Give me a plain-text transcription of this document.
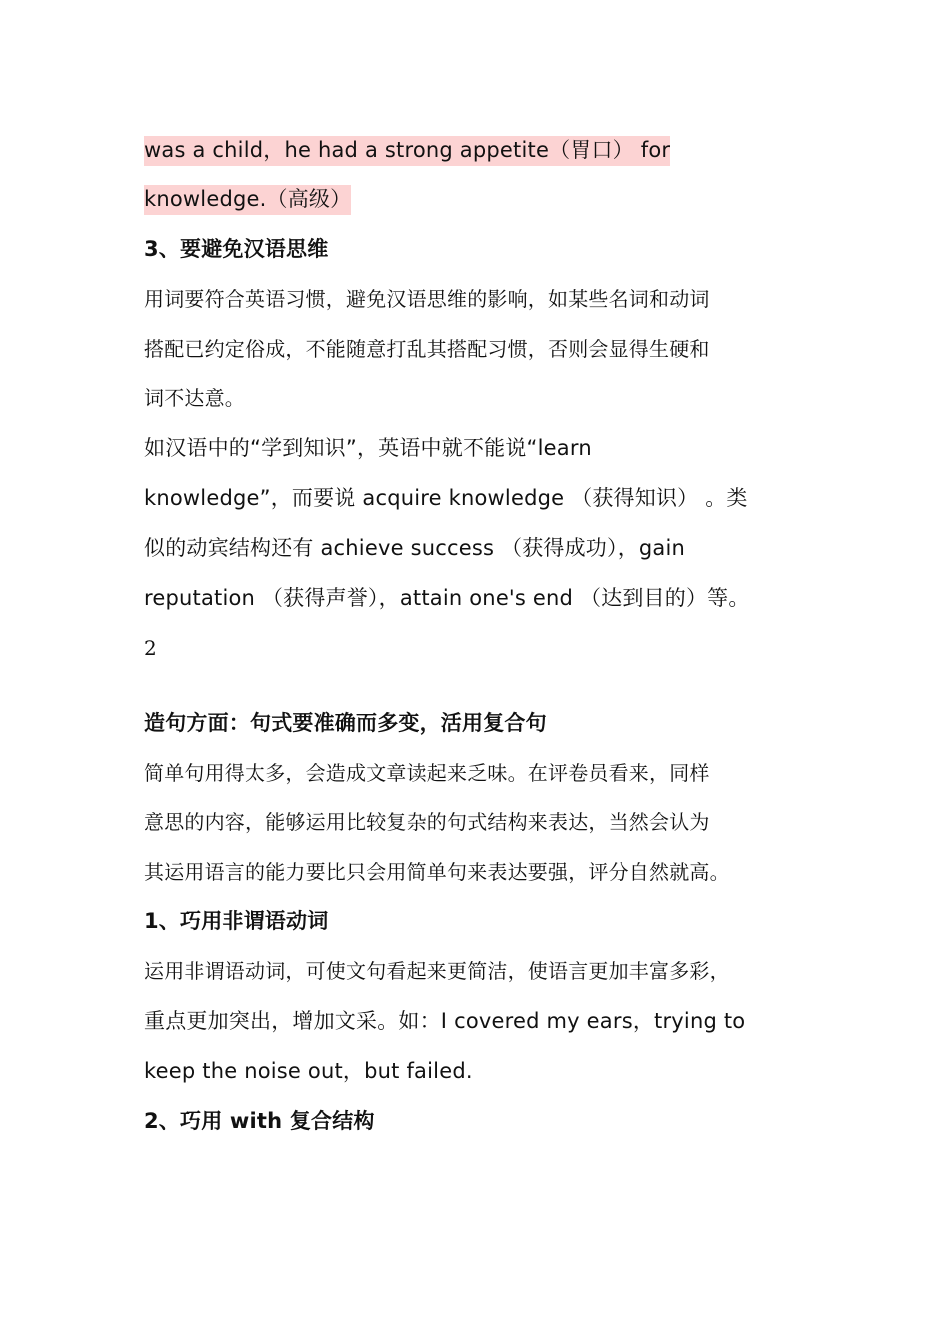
was a child，he had a strong appetite（胃口） for
knowledge.（高级）
3、要避免汉语思维
用词要符合英语习惯，避免汉语思维的影响，如某些名词和动词
搭配已约定俗成，不能随意打乱其搭配习惯，否则会显得生硬和
词不达意。
如汉语中的“学到知识”，英语中就不能说“learn
knowledge”，而要说 acquire knowledge （获得知识） 。类
似的动宾结构还有 achieve success （获得成功），gain
reputation （获得声誉），attain one's end （达到目的）等。
2
造句方面：句式要准确而多变，活用复合句
简单句用得太多，会造成文章读起来乏味。在评卷员看来，同样
意思的内容，能够运用比较复杂的句式结构来表达，当然会认为
其运用语言的能力要比只会用简单句来表达要强，评分自然就高。
1、巧用非谓语动词
运用非谓语动词，可使文句看起来更简洁，使语言更加丰富多彩，
重点更加突出，增加文采。如：I covered my ears，trying to
keep the noise out，but failed.
2、巧用 with 复合结构
